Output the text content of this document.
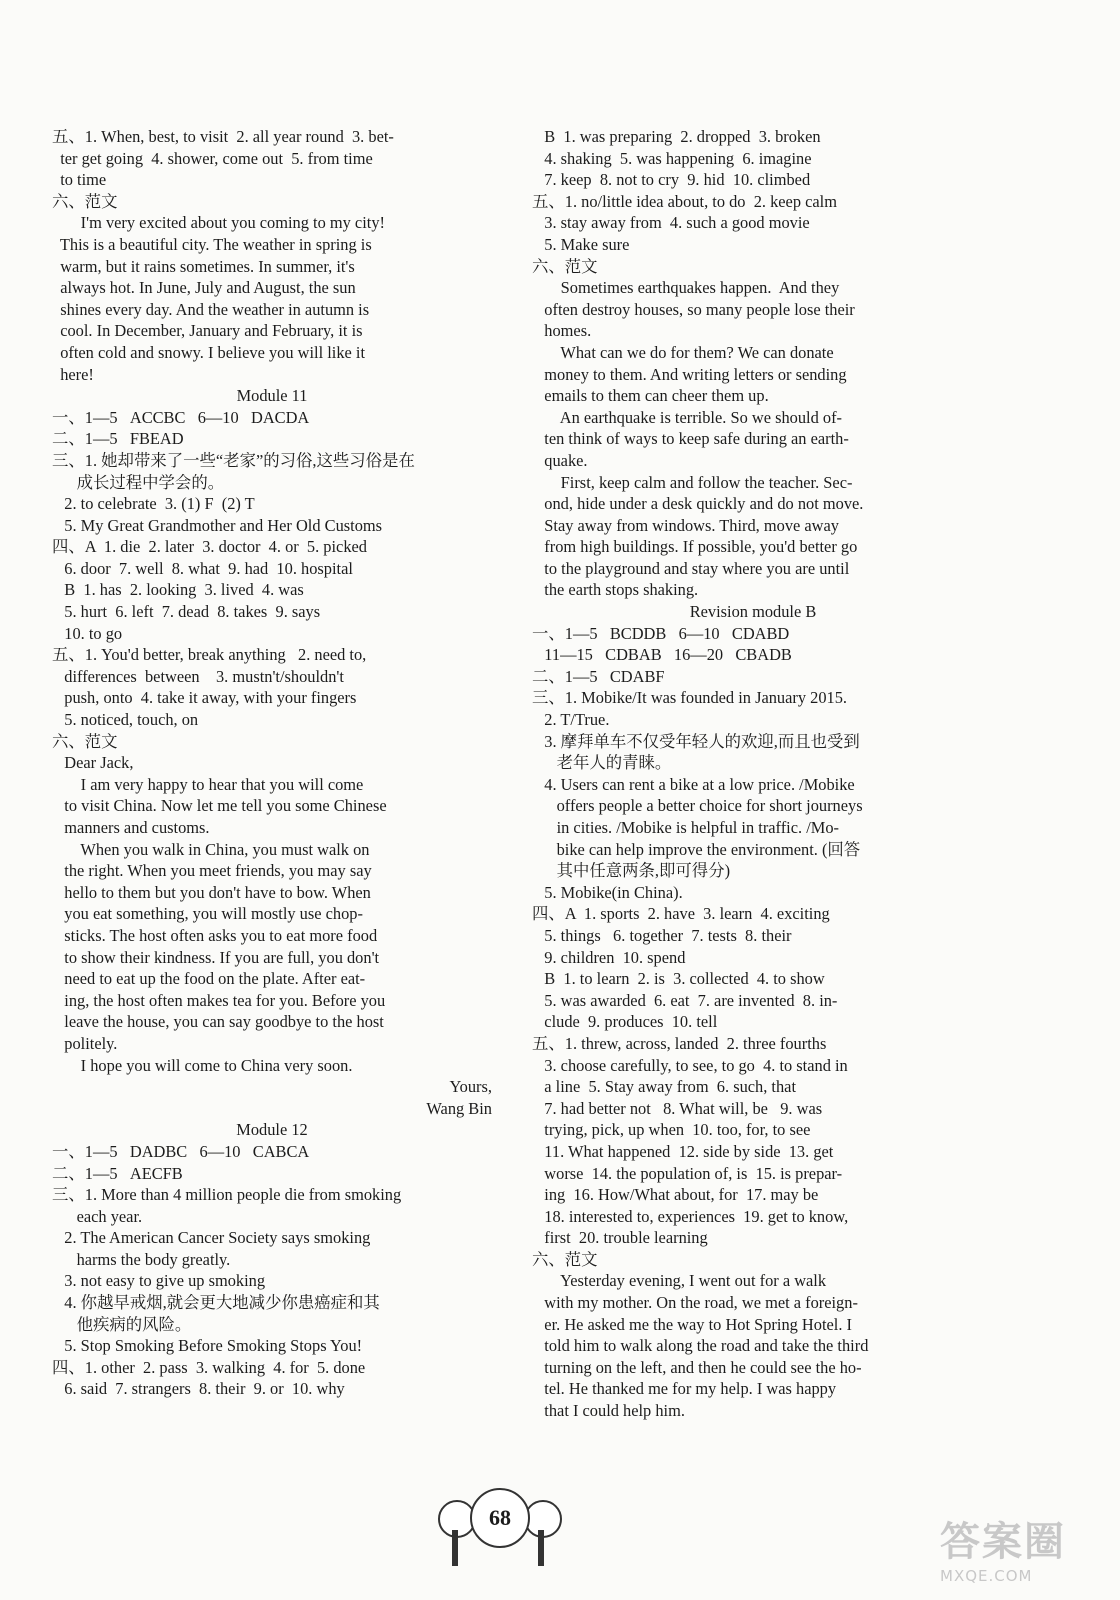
五、1. When, best, to visit  2. all year round  3. bet-
ter get going  4. shower, come out  5. from time
to time
六、范文
I'm very excited about you coming to my city!
This is a beautiful city. The weather in spring is
warm, but it rains sometimes. In summer, it's
always hot. In June, July and August, the sun
shines every day. And the weather in autumn is
cool. In December, January and February, it is
often cold and snowy. I believe you will like it
here!
Module 11
一、1—5   ACCBC   6—10   DACDA
二、1—5   FBEAD
三、1. 她却带来了一些“老家”的习俗,这些习俗是在
成长过程中学会的。
2. to celebrate  3. (1) F  (2) T
5. My Great Grandmother and Her Old Customs
四、A  1. die  2. later  3. doctor  4. or  5. picked
6. door  7. well  8. what  9. had  10. hospital
B  1. has  2. looking  3. lived  4. was
5. hurt  6. left  7. dead  8. takes  9. says
10. to go
五、1. You'd better, break anything   2. need to,
differences  between    3. mustn't/shouldn't
push, onto  4. take it away, with your fingers
5. noticed, touch, on
六、范文
Dear Jack,
I am very happy to hear that you will come
to visit China. Now let me tell you some Chinese
manners and customs.
When you walk in China, you must walk on
the right. When you meet friends, you may say
hello to them but you don't have to bow. When
you eat something, you will mostly use chop-
sticks. The host often asks you to eat more food
to show their kindness. If you are full, you don't
need to eat up the food on the plate. After eat-
ing, the host often makes tea for you. Before you
leave the house, you can say goodbye to the host
politely.
I hope you will come to China very soon.
Yours,
Wang Bin
Module 12
一、1—5   DADBC   6—10   CABCA
二、1—5   AECFB
三、1. More than 4 million people die from smoking
each year.
2. The American Cancer Society says smoking
harms the body greatly.
3. not easy to give up smoking
4. 你越早戒烟,就会更大地减少你患癌症和其
他疾病的风险。
5. Stop Smoking Before Smoking Stops You!
四、1. other  2. pass  3. walking  4. for  5. done
6. said  7. strangers  8. their  9. or  10. why
B  1. was preparing  2. dropped  3. broken
4. shaking  5. was happening  6. imagine
7. keep  8. not to cry  9. hid  10. climbed
五、1. no/little idea about, to do  2. keep calm
3. stay away from  4. such a good movie
5. Make sure
六、范文
Sometimes earthquakes happen.  And they
often destroy houses, so many people lose their
homes.
What can we do for them? We can donate
money to them. And writing letters or sending
emails to them can cheer them up.
An earthquake is terrible. So we should of-
ten think of ways to keep safe during an earth-
quake.
First, keep calm and follow the teacher. Sec-
ond, hide under a desk quickly and do not move.
Stay away from windows. Third, move away
from high buildings. If possible, you'd better go
to the playground and stay where you are until
the earth stops shaking.
Revision module B
一、1—5   BCDDB   6—10   CDABD
11—15   CDBAB   16—20   CBADB
二、1—5   CDABF
三、1. Mobike/It was founded in January 2015.
2. T/True.
3. 摩拜单车不仅受年轻人的欢迎,而且也受到
老年人的青睐。
4. Users can rent a bike at a low price. /Mobike
offers people a better choice for short journeys
in cities. /Mobike is helpful in traffic. /Mo-
bike can help improve the environment. (回答
其中任意两条,即可得分)
5. Mobike(in China).
四、A  1. sports  2. have  3. learn  4. exciting
5. things   6. together  7. tests  8. their
9. children  10. spend
B  1. to learn  2. is  3. collected  4. to show
5. was awarded  6. eat  7. are invented  8. in-
clude  9. produces  10. tell
五、1. threw, across, landed  2. three fourths
3. choose carefully, to see, to go  4. to stand in
a line  5. Stay away from  6. such, that
7. had better not   8. What will, be   9. was
trying, pick, up when  10. too, for, to see
11. What happened  12. side by side  13. get
worse  14. the population of, is  15. is prepar-
ing  16. How/What about, for  17. may be
18. interested to, experiences  19. get to know,
first  20. trouble learning
六、范文
Yesterday evening, I went out for a walk
with my mother. On the road, we met a foreign-
er. He asked me the way to Hot Spring Hotel. I
told him to walk along the road and take the third
turning on the left, and then he could see the ho-
tel. He thanked me for my help. I was happy
that I could help him.
68
答案圈
MXQE.COM
